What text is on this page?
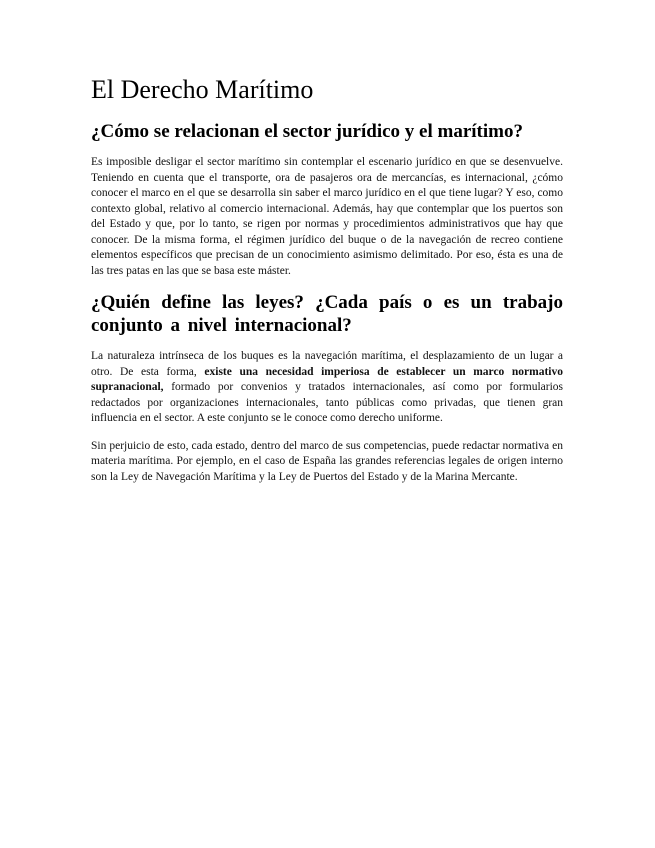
El Derecho Marítimo
¿Cómo se relacionan el sector jurídico y el marítimo?

Es imposible desligar el sector marítimo sin contemplar el escenario jurídico en que se desenvuelve. Teniendo en cuenta que el transporte, ora de pasajeros ora de mercancías, es internacional, ¿cómo conocer el marco en el que se desarrolla sin saber el marco jurídico en el que tiene lugar? Y eso, como contexto global, relativo al comercio internacional. Además, hay que contemplar que los puertos son del Estado y que, por lo tanto, se rigen por normas y procedimientos administrativos que hay que conocer. De la misma forma, el régimen jurídico del buque o de la navegación de recreo contiene elementos específicos que precisan de un conocimiento asimismo delimitado. Por eso, ésta es una de las tres patas en las que se basa este máster.

¿Quién define las leyes? ¿Cada país o es un trabajo conjunto a nivel internacional?

La naturaleza intrínseca de los buques es la navegación marítima, el desplazamiento de un lugar a otro. De esta forma, existe una necesidad imperiosa de establecer un marco normativo supranacional, formado por convenios y tratados internacionales, así como por formularios redactados por organizaciones internacionales, tanto públicas como privadas, que tienen gran influencia en el sector. A este conjunto se le conoce como derecho uniforme.

Sin perjuicio de esto, cada estado, dentro del marco de sus competencias, puede redactar normativa en materia marítima. Por ejemplo, en el caso de España las grandes referencias legales de origen interno son la Ley de Navegación Marítima y la Ley de Puertos del Estado y de la Marina Mercante.
